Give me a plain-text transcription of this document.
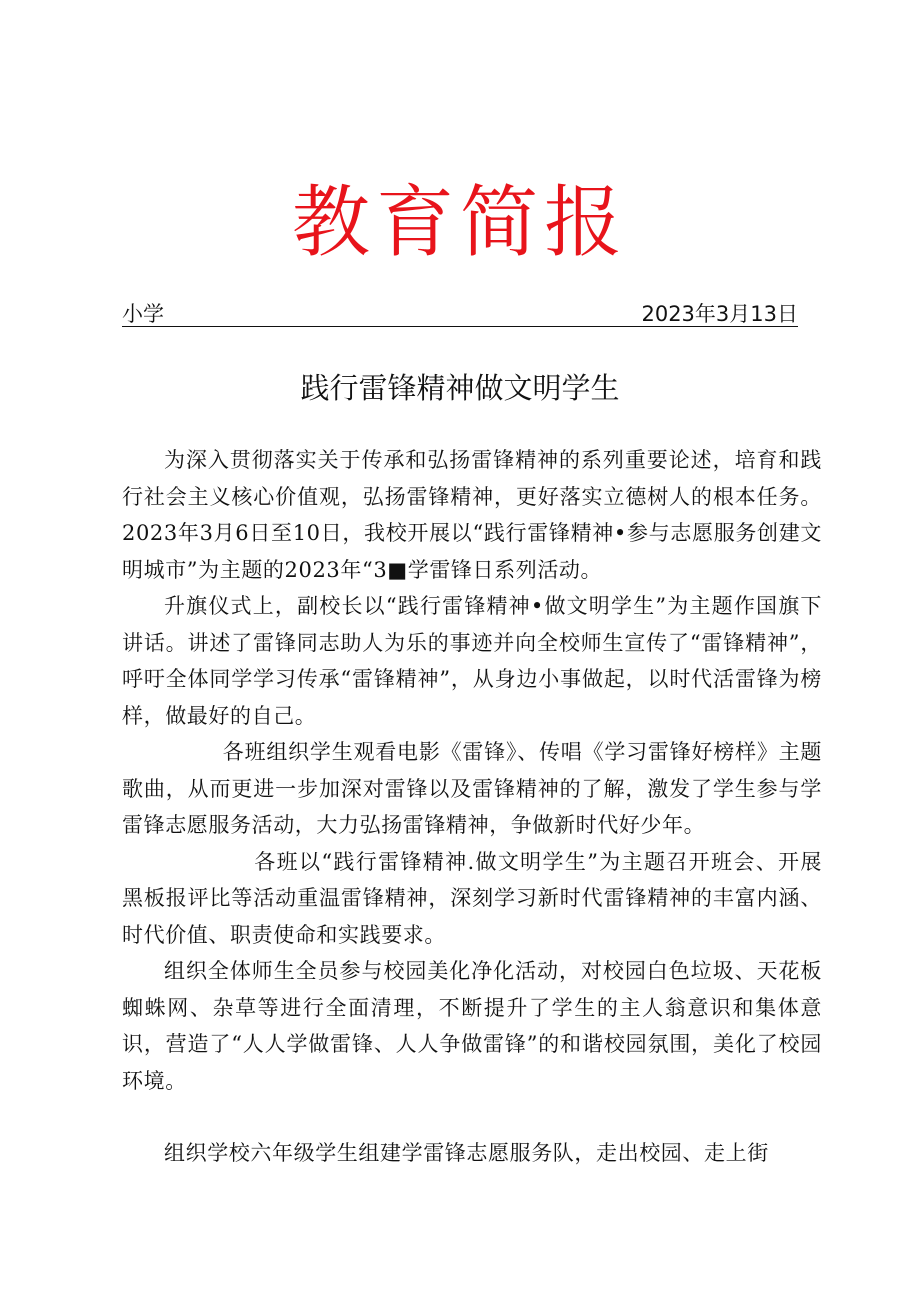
教育简报
小学	2023年3月13日
践行雷锋精神做文明学生

为深入贯彻落实关于传承和弘扬雷锋精神的系列重要论述，培育和践行社会主义核心价值观，弘扬雷锋精神，更好落实立德树人的根本任务。2023年3月6日至10日，我校开展以“践行雷锋精神•参与志愿服务创建文明城市”为主题的2023年“3■学雷锋日系列活动。

升旗仪式上，副校长以“践行雷锋精神•做文明学生”为主题作国旗下讲话。讲述了雷锋同志助人为乐的事迹并向全校师生宣传了“雷锋精神”，呼吁全体同学学习传承“雷锋精神”，从身边小事做起，以时代活雷锋为榜样，做最好的自己。

各班组织学生观看电影《雷锋》、传唱《学习雷锋好榜样》主题歌曲，从而更进一步加深对雷锋以及雷锋精神的了解，激发了学生参与学雷锋志愿服务活动，大力弘扬雷锋精神，争做新时代好少年。

各班以“践行雷锋精神.做文明学生”为主题召开班会、开展黑板报评比等活动重温雷锋精神，深刻学习新时代雷锋精神的丰富内涵、时代价值、职责使命和实践要求。

组织全体师生全员参与校园美化净化活动，对校园白色垃圾、天花板蜘蛛网、杂草等进行全面清理，不断提升了学生的主人翁意识和集体意识，营造了“人人学做雷锋、人人争做雷锋”的和谐校园氛围，美化了校园环境。

组织学校六年级学生组建学雷锋志愿服务队，走出校园、走上街
